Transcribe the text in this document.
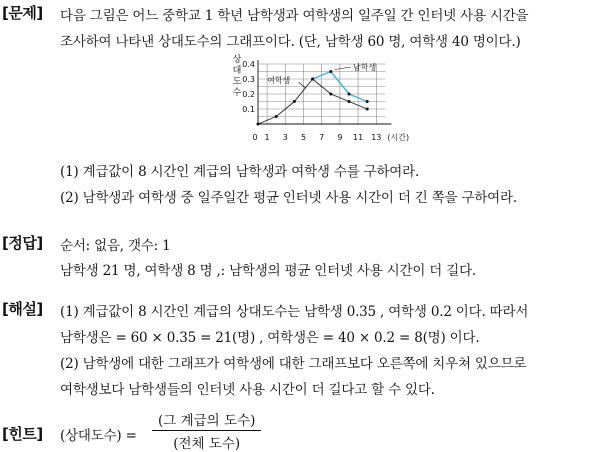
[문제] 다음 그림은 어느 중학교 1 학년 남학생과 여학생의 일주일 간 인터넷 사용 시간을
조사하여 나타낸 상대도수의 그래프이다. (단, 남학생 60 명, 여학생 40 명이다.)
0 1 3 5 7 9 11 13
0.1
0.2
0.3
0.4
(시간)
상
대
도
수
남학생
여학생
(1) 계급값이 8 시간인 계급의 남학생과 여학생 수를 구하여라.
(2) 남학생과 여학생 중 일주일간 평균 인터넷 사용 시간이 더 긴 쪽을 구하여라.
[정답] 순서: 없음, 갯수: 1
남학생 21 명, 여학생 8 명 ,: 남학생의 평균 인터넷 사용 시간이 더 길다.
[해설] (1) 계급값이 8 시간인 계급의 상대도수는 남학생 0.35 , 여학생 0.2 이다. 따라서
남학생은 = 60 × 0.35 = 21(명) , 여학생은 = 40 × 0.2 = 8(명) 이다.
(2) 남학생에 대한 그래프가 여학생에 대한 그래프보다 오른쪽에 치우쳐 있으므로
여학생보다 남학생들의 인터넷 사용 시간이 더 길다고 할 수 있다.
[힌트] (상대도수) =
(그 계급의 도수)
(전체 도수)
